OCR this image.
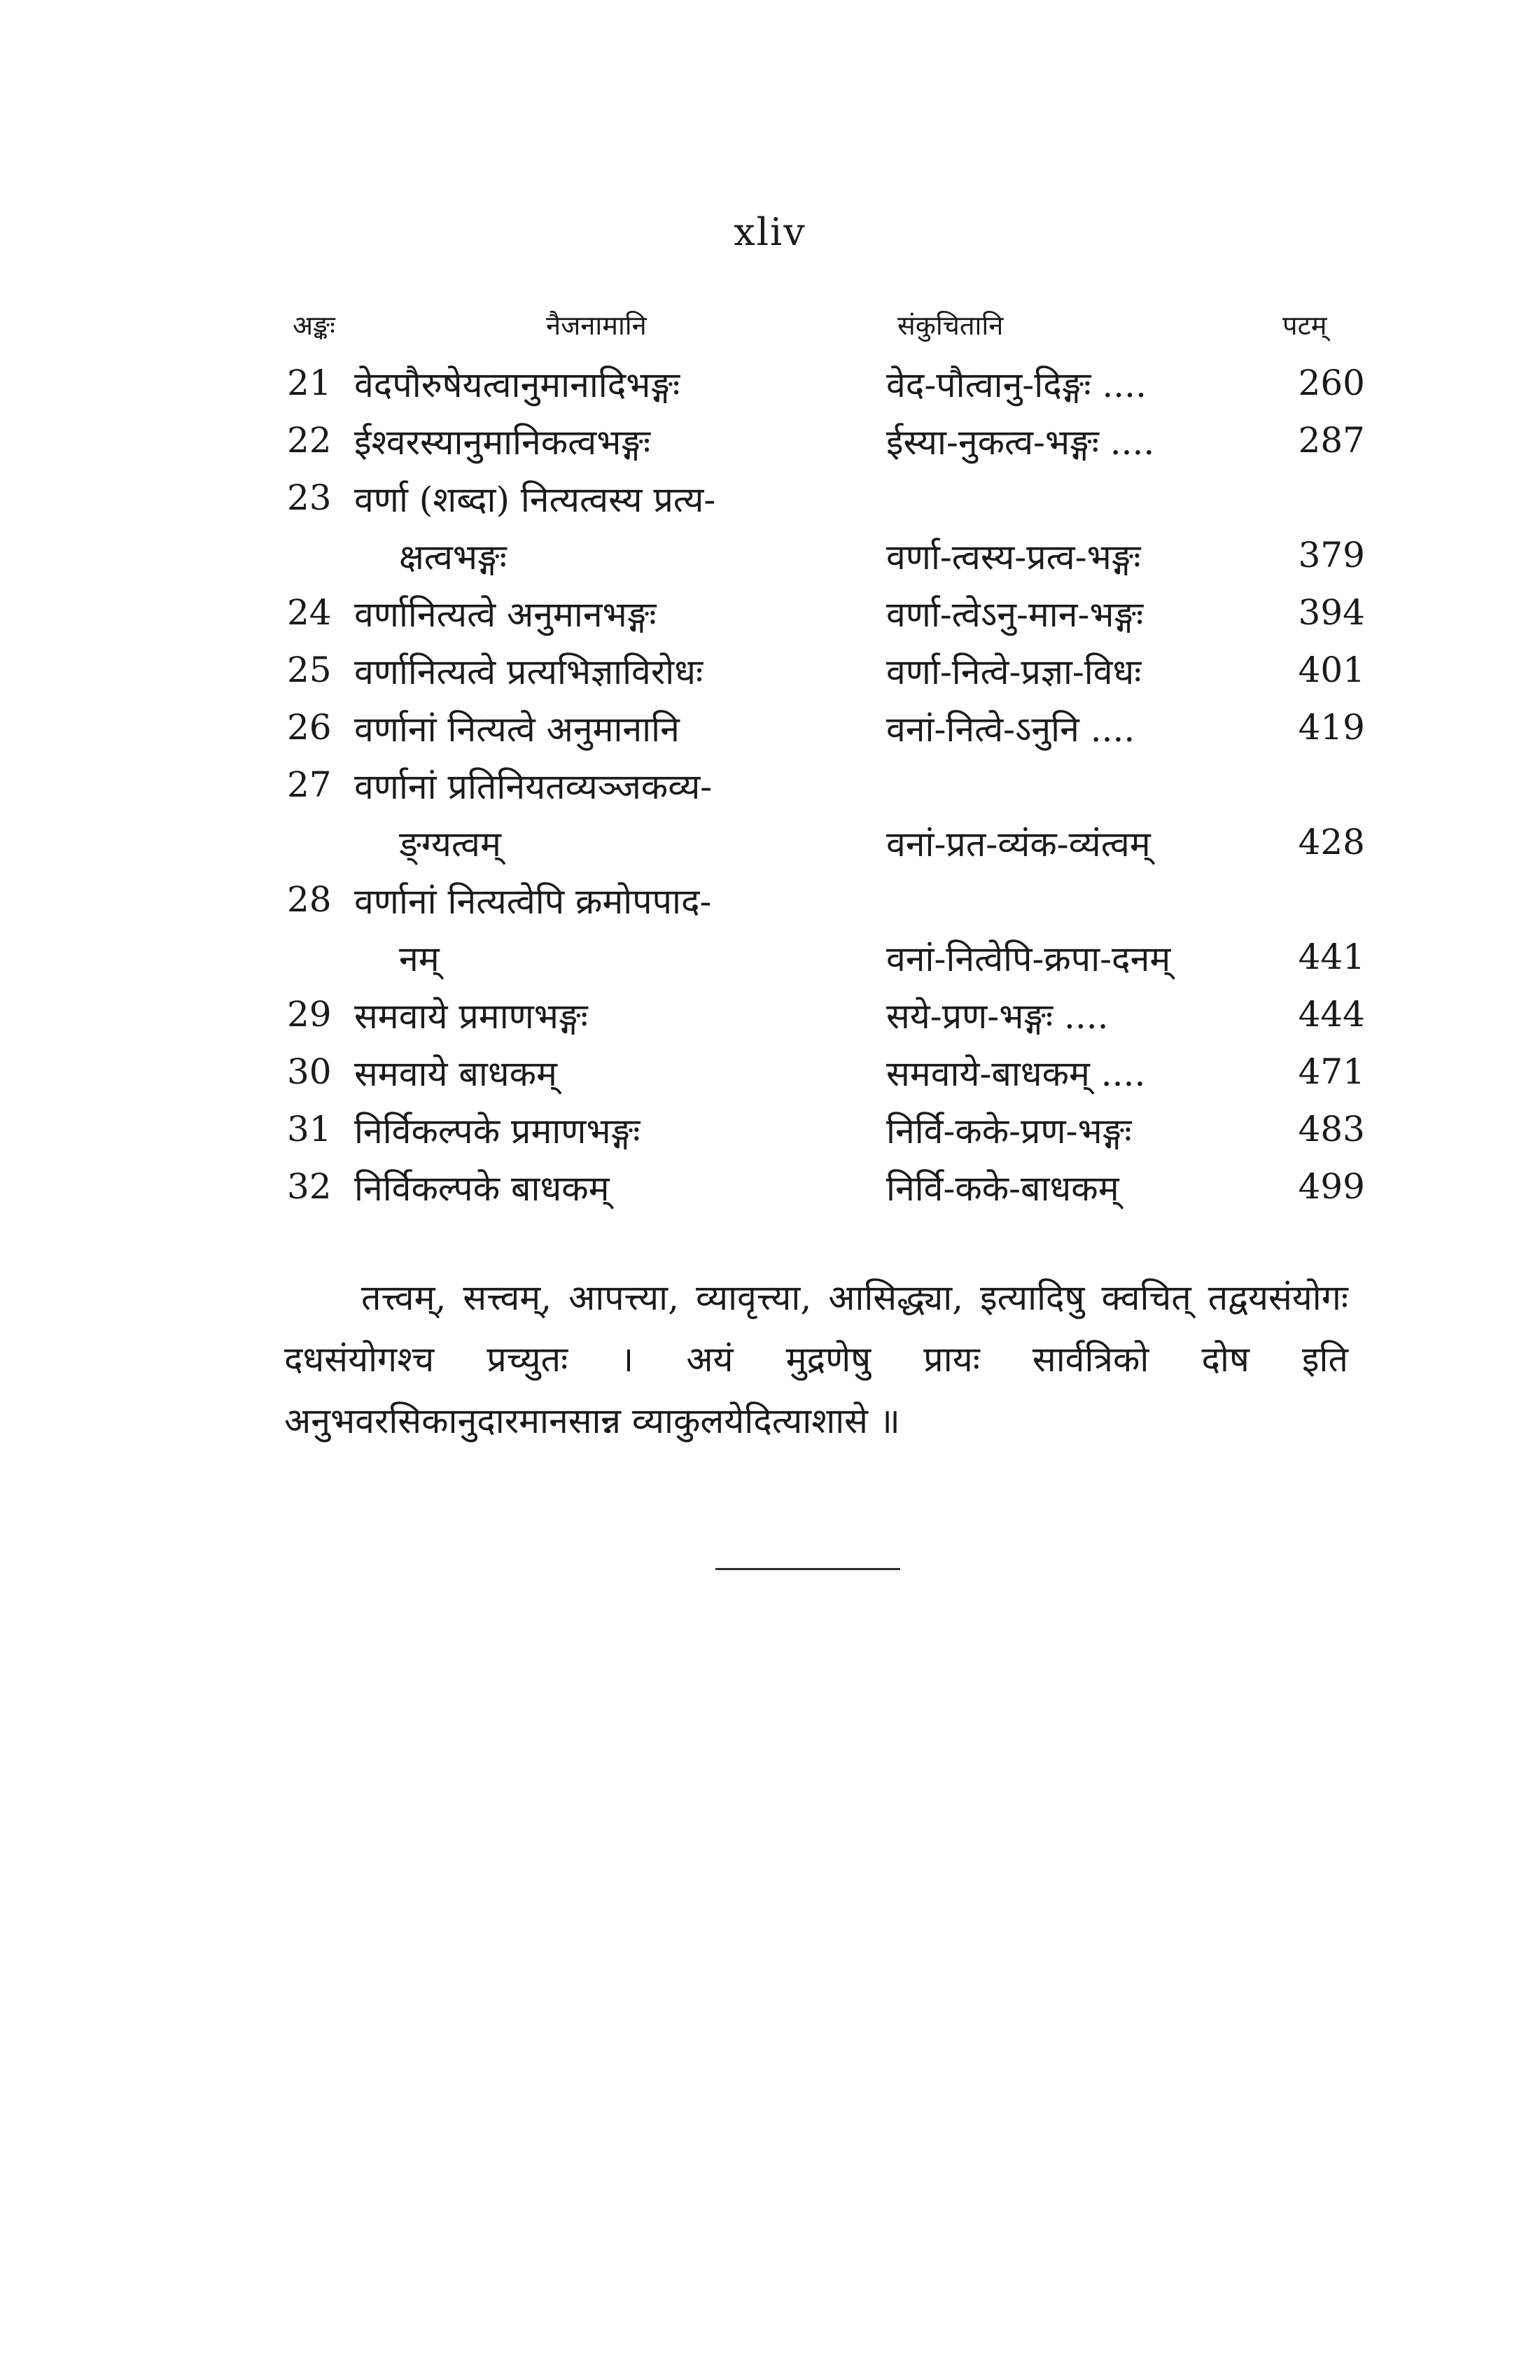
xliv
अङ्कः	नैजनामानि	संकुचितानि	पटम्
21 वेदपौरुषेयत्वानुमानादिभङ्गः	वेद-पौत्वानु-दिङ्गः ....	260
22 ईश्वरस्यानुमानिकत्वभङ्गः	ईस्या-नुकत्व-भङ्गः ....	287
23 वर्णा (शब्दा) नित्यत्वस्य प्रत्य-
क्षत्वभङ्गः	वर्णा-त्वस्य-प्रत्व-भङ्गः	379
24 वर्णानित्यत्वे अनुमानभङ्गः	वर्णा-त्वेऽनु-मान-भङ्गः	394
25 वर्णानित्यत्वे प्रत्यभिज्ञाविरोधः	वर्णा-नित्वे-प्रज्ञा-विधः	401
26 वर्णानां नित्यत्वे अनुमानानि	वनां-नित्वे-ऽनुनि ....	419
27 वर्णानां प्रतिनियतव्यञ्जकव्य-
ङ्ग्यत्वम्	वनां-प्रत-व्यंक-व्यंत्वम्	428
28 वर्णानां नित्यत्वेपि क्रमोपपाद-
नम्	वनां-नित्वेपि-क्रपा-दनम्	441
29 समवाये प्रमाणभङ्गः	सये-प्रण-भङ्गः ....	444
30 समवाये बाधकम्	समवाये-बाधकम् ....	471
31 निर्विकल्पके प्रमाणभङ्गः	निर्वि-कके-प्रण-भङ्गः	483
32 निर्विकल्पके बाधकम्	निर्वि-कके-बाधकम्	499

तत्त्वम्, सत्त्वम्, आपत्त्या, व्यावृत्त्या, आसिद्ध्या, इत्यादिषु क्वचित् तद्वयसंयोगः दधसंयोगश्च प्रच्युतः । अयं मुद्रणेषु प्रायः सार्वत्रिको दोष इति अनुभवरसिकानुदारमानसान्न व्याकुलयेदित्याशासे ॥
